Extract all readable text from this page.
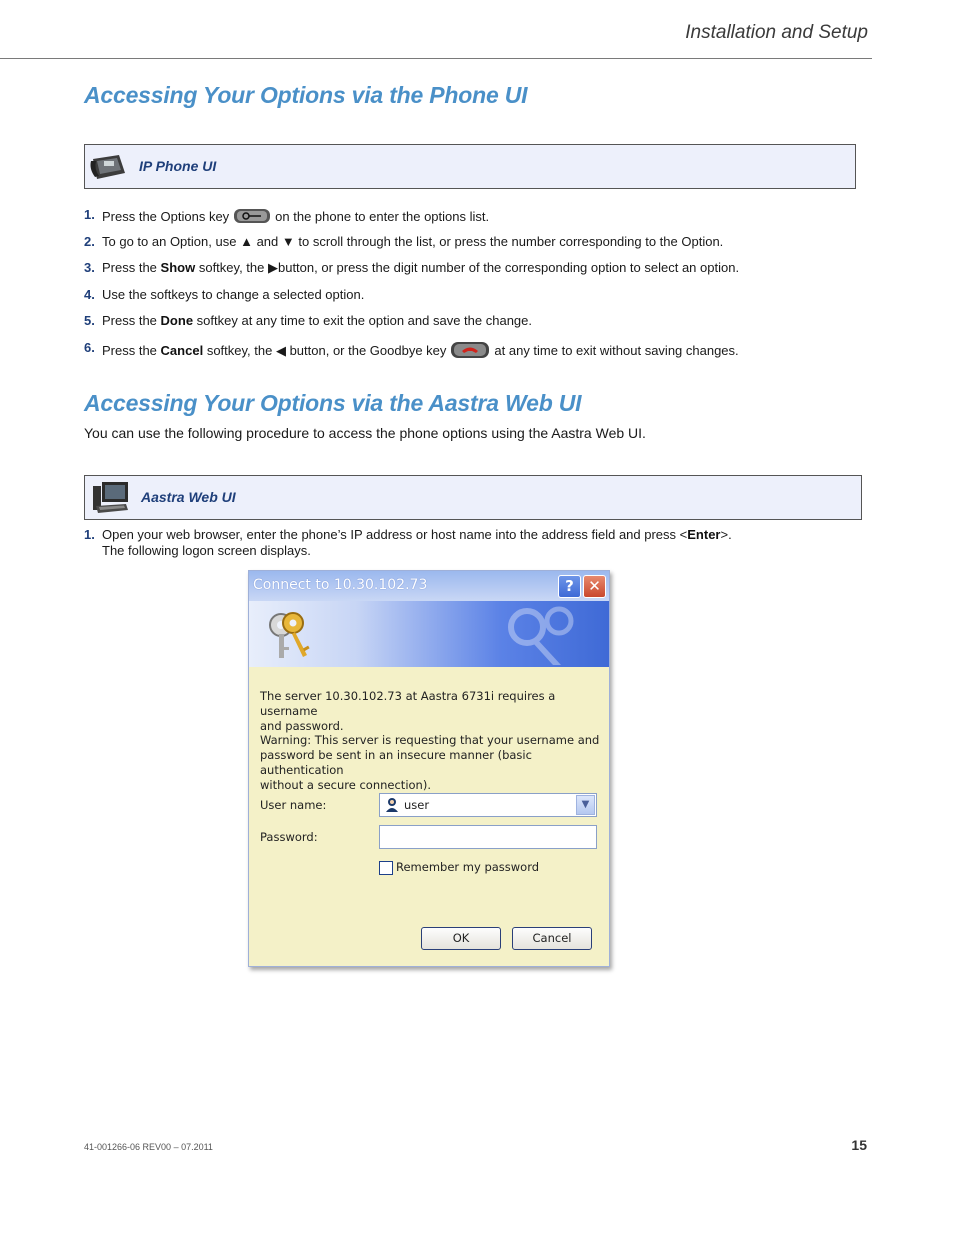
Installation and Setup
Accessing Your Options via the Phone UI
IP Phone UI
1. Press the Options key	on the phone to enter the options list.
2. To go to an Option, use ▲ and ▼ to scroll through the list, or press the number corresponding to the Option.
3. Press the Show softkey, the ▶button, or press the digit number of the corresponding option to select an option.
4. Use the softkeys to change a selected option.
5. Press the Done softkey at any time to exit the option and save the change.
6. Press the Cancel softkey, the ◀ button, or the Goodbye key	at any time to exit without saving changes.
Accessing Your Options via the Aastra Web UI
You can use the following procedure to access the phone options using the Aastra Web UI.
Aastra Web UI
1. Open your web browser, enter the phone’s IP address or host name into the address field and press <Enter>.
The following logon screen displays.
Connect to 10.30.102.73	? ✕
The server 10.30.102.73 at Aastra 6731i requires a username
and password.
Warning: This server is requesting that your username and
password be sent in an insecure manner (basic authentication
without a secure connection).
User name:	user	▼
Password:
Remember my password
OK	Cancel
41-001266-06 REV00 – 07.2011	15
